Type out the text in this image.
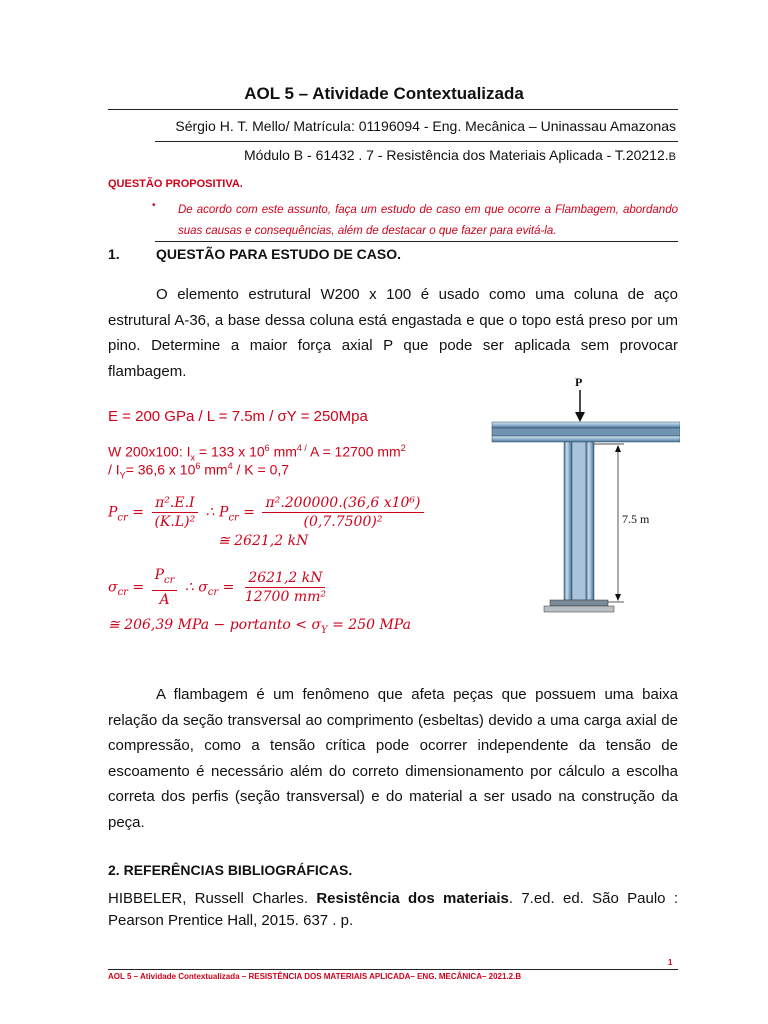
AOL 5 – Atividade Contextualizada
Sérgio H. T. Mello/ Matrícula: 01196094 - Eng. Mecânica – Uninassau Amazonas
Módulo B - 61432 . 7 - Resistência dos Materiais Aplicada - T.20212.B
QUESTÃO PROPOSITIVA.
• De acordo com este assunto, faça um estudo de caso em que ocorre a Flambagem, abordando suas causas e consequências, além de destacar o que fazer para evitá-la.
1.	QUESTÃO PARA ESTUDO DE CASO.
O elemento estrutural W200 x 100 é usado como uma coluna de aço estrutural A-36, a base dessa coluna está engastada e que o topo está preso por um pino. Determine a maior força axial P que pode ser aplicada sem provocar flambagem.
E = 200 GPa / L = 7.5m / σY = 250Mpa
W 200x100: $I_x = 133$ x $10^6$ $mm^{4 /}$ A = 12700 $mm^2$
/ $I_Y= 36,6$ x $10^6$ $mm^4 / K = 0,7$
$P_{cr} = \frac{\text{π².E.I}}{\text{(K.L)²}}$ ∴ $P_{cr} = \frac{\text{π².200000.(36,6 x10⁶)}}{\text{(0,7.7500)²}}$
≅ 2621,2 kN
$\sigma_{cr} = \frac{P_{cr}}{A}$ ∴ $\sigma_{cr} = \frac{2621,2 kN}{\text{12700 mm²}}$
≅ 206,39 MPa − portanto < $\sigma_Y = 250$ MPa
P
7.5 m
A flambagem é um fenômeno que afeta peças que possuem uma baixa relação da seção transversal ao comprimento (esbeltas) devido a uma carga axial de compressão, como a tensão crítica pode ocorrer independente da tensão de escoamento é necessário além do correto dimensionamento por cálculo a escolha correta dos perfis (seção transversal) e do material a ser usado na construção da peça.
2. REFERÊNCIAS BIBLIOGRÁFICAS.
HIBBELER, Russell Charles. Resistência dos materiais. 7.ed. ed. São Paulo : Pearson Prentice Hall, 2015. 637 . p.
1
AOL 5 – Atividade Contextualizada – RESISTÊNCIA DOS MATERIAIS APLICADA– ENG. MECÂNICA– 2021.2.B
